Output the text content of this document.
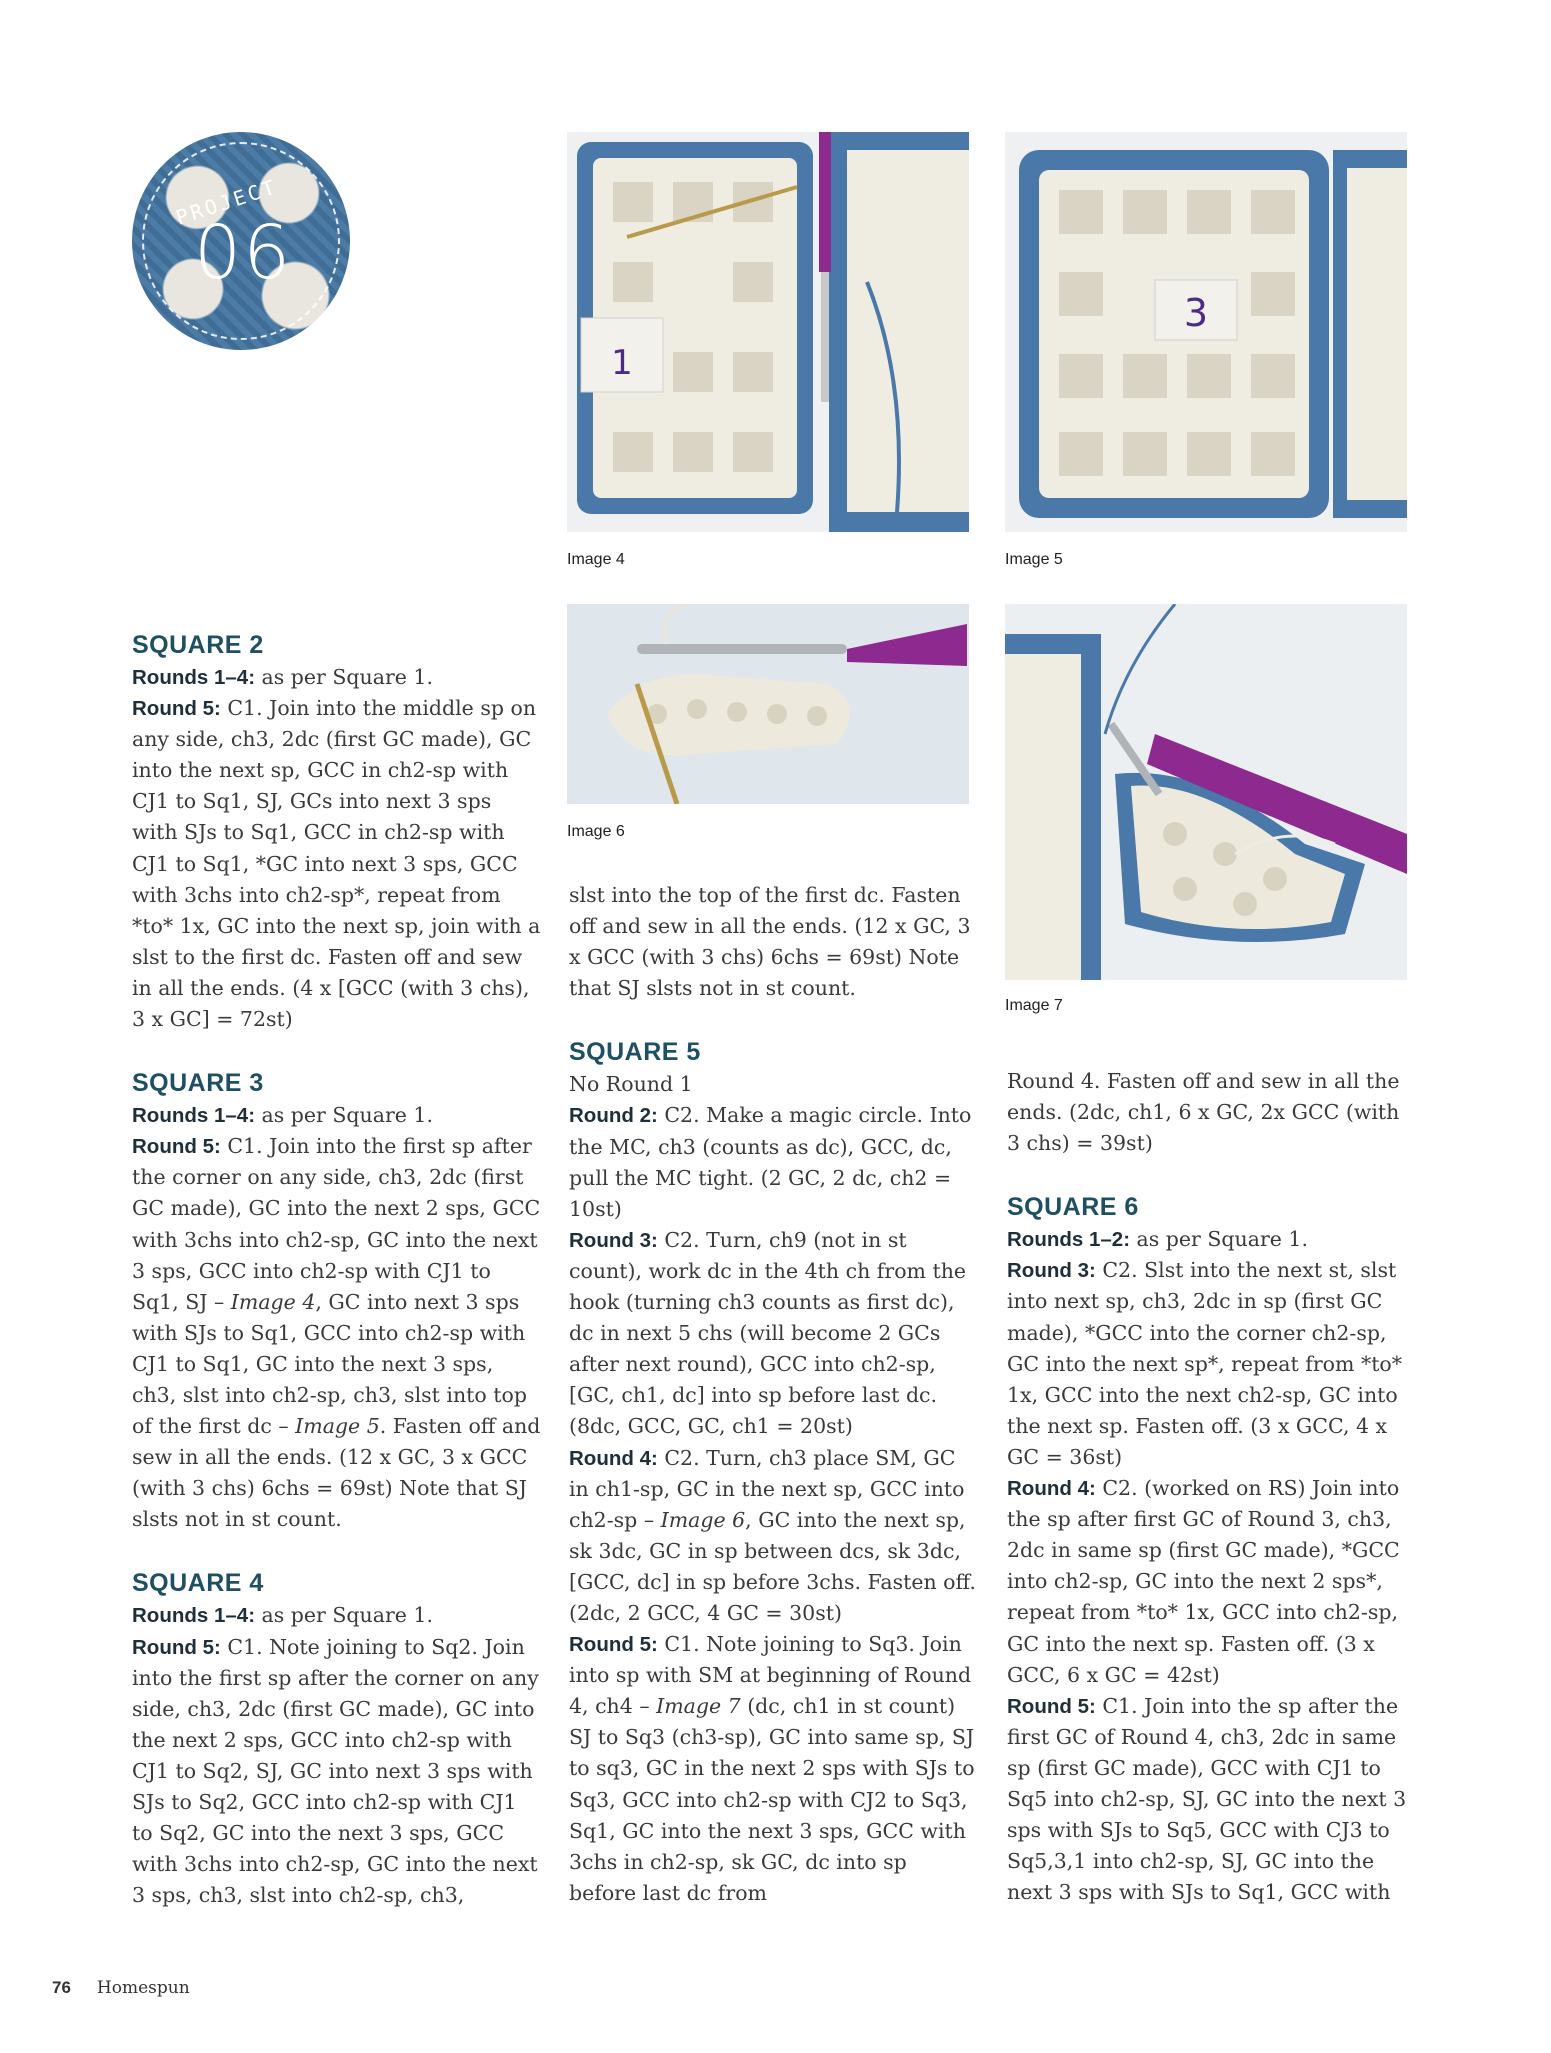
PROJECT
06
1
Image 4
3
Image 5
Image 6
Image 7
SQUARE 2

Rounds 1–4: as per Square 1.

Round 5: C1. Join into the middle sp on any side, ch3, 2dc (first GC made), GC into the next sp, GCC in ch2-sp with CJ1 to Sq1, SJ, GCs into next 3 sps with SJs to Sq1, GCC in ch2-sp with CJ1 to Sq1, *GC into next 3 sps, GCC with 3chs into ch2-sp*, repeat from *to* 1x, GC into the next sp, join with a slst to the first dc. Fasten off and sew in all the ends. (4 x [GCC (with 3 chs), 3 x GC] = 72st)

SQUARE 3

Rounds 1–4: as per Square 1.

Round 5: C1. Join into the first sp after the corner on any side, ch3, 2dc (first GC made), GC into the next 2 sps, GCC with 3chs into ch2-sp, GC into the next 3 sps, GCC into ch2-sp with CJ1 to Sq1, SJ – Image 4, GC into next 3 sps with SJs to Sq1, GCC into ch2-sp with CJ1 to Sq1, GC into the next 3 sps, ch3, slst into ch2-sp, ch3, slst into top of the first dc – Image 5. Fasten off and sew in all the ends. (12 x GC, 3 x GCC (with 3 chs) 6chs = 69st) Note that SJ slsts not in st count.

SQUARE 4

Rounds 1–4: as per Square 1.

Round 5: C1. Note joining to Sq2. Join into the first sp after the corner on any side, ch3, 2dc (first GC made), GC into the next 2 sps, GCC into ch2-sp with CJ1 to Sq2, SJ, GC into next 3 sps with SJs to Sq2, GCC into ch2-sp with CJ1 to Sq2, GC into the next 3 sps, GCC with 3chs into ch2-sp, GC into the next 3 sps, ch3, slst into ch2-sp, ch3,

slst into the top of the first dc. Fasten off and sew in all the ends. (12 x GC, 3 x GCC (with 3 chs) 6chs = 69st) Note that SJ slsts not in st count.

SQUARE 5

No Round 1

Round 2: C2. Make a magic circle. Into the MC, ch3 (counts as dc), GCC, dc, pull the MC tight. (2 GC, 2 dc, ch2 = 10st)

Round 3: C2. Turn, ch9 (not in st count), work dc in the 4th ch from the hook (turning ch3 counts as first dc), dc in next 5 chs (will become 2 GCs after next round), GCC into ch2-sp, [GC, ch1, dc] into sp before last dc. (8dc, GCC, GC, ch1 = 20st)

Round 4: C2. Turn, ch3 place SM, GC in ch1-sp, GC in the next sp, GCC into ch2-sp – Image 6, GC into the next sp, sk 3dc, GC in sp between dcs, sk 3dc, [GCC, dc] in sp before 3chs. Fasten off. (2dc, 2 GCC, 4 GC = 30st)

Round 5: C1. Note joining to Sq3. Join into sp with SM at beginning of Round 4, ch4 – Image 7 (dc, ch1 in st count) SJ to Sq3 (ch3-sp), GC into same sp, SJ to sq3, GC in the next 2 sps with SJs to Sq3, GCC into ch2-sp with CJ2 to Sq3, Sq1, GC into the next 3 sps, GCC with 3chs in ch2-sp, sk GC, dc into sp before last dc from

Round 4. Fasten off and sew in all the ends. (2dc, ch1, 6 x GC, 2x GCC (with 3 chs) = 39st)

SQUARE 6

Rounds 1–2: as per Square 1.

Round 3: C2. Slst into the next st, slst into next sp, ch3, 2dc in sp (first GC made), *GCC into the corner ch2-sp, GC into the next sp*, repeat from *to* 1x, GCC into the next ch2-sp, GC into the next sp. Fasten off. (3 x GCC, 4 x GC = 36st)

Round 4: C2. (worked on RS) Join into the sp after first GC of Round 3, ch3, 2dc in same sp (first GC made), *GCC into ch2-sp, GC into the next 2 sps*, repeat from *to* 1x, GCC into ch2-sp, GC into the next sp. Fasten off. (3 x GCC, 6 x GC = 42st)

Round 5: C1. Join into the sp after the first GC of Round 4, ch3, 2dc in same sp (first GC made), GCC with CJ1 to Sq5 into ch2-sp, SJ, GC into the next 3 sps with SJs to Sq5, GCC with CJ3 to Sq5,3,1 into ch2-sp, SJ, GC into the next 3 sps with SJs to Sq1, GCC with

76 Homespun
